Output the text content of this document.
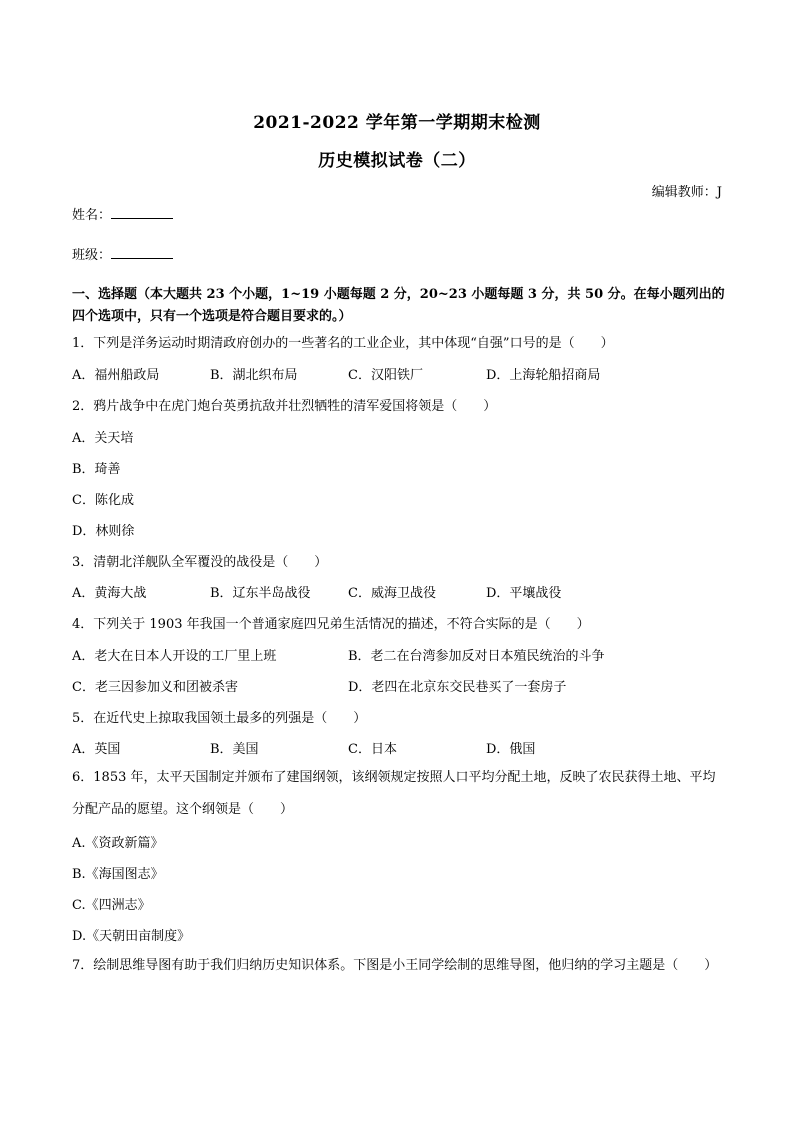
2021-2022 学年第一学期期末检测
历史模拟试卷（二）
编辑教师：J
姓名：
班级：
一、选择题（本大题共 23 个小题，1~19 小题每题 2 分，20~23 小题每题 3 分，共 50 分。在每小题列出的四个选项中，只有一个选项是符合题目要求的。）
1．下列是洋务运动时期清政府创办的一些著名的工业企业，其中体现“自强”口号的是（　　）
A．福州船政局	B．湖北织布局	C．汉阳铁厂	D．上海轮船招商局
2．鸦片战争中在虎门炮台英勇抗敌并壮烈牺牲的清军爱国将领是（　　）
A．关天培
B．琦善
C．陈化成
D．林则徐
3．清朝北洋舰队全军覆没的战役是（　　）
A．黄海大战	B．辽东半岛战役	C．威海卫战役	D．平壤战役
4．下列关于 1903 年我国一个普通家庭四兄弟生活情况的描述，不符合实际的是（　　）
A．老大在日本人开设的工厂里上班	B．老二在台湾参加反对日本殖民统治的斗争
C．老三因参加义和团被杀害	D．老四在北京东交民巷买了一套房子
5．在近代史上掠取我国领土最多的列强是（　　）
A．英国	B．美国	C．日本	D．俄国
6．1853 年，太平天国制定并颁布了建国纲领，该纲领规定按照人口平均分配土地，反映了农民获得土地、平均分配产品的愿望。这个纲领是（　　）
A.《资政新篇》
B.《海国图志》
C.《四洲志》
D.《天朝田亩制度》
7．绘制思维导图有助于我们归纳历史知识体系。下图是小王同学绘制的思维导图，他归纳的学习主题是（　　）
